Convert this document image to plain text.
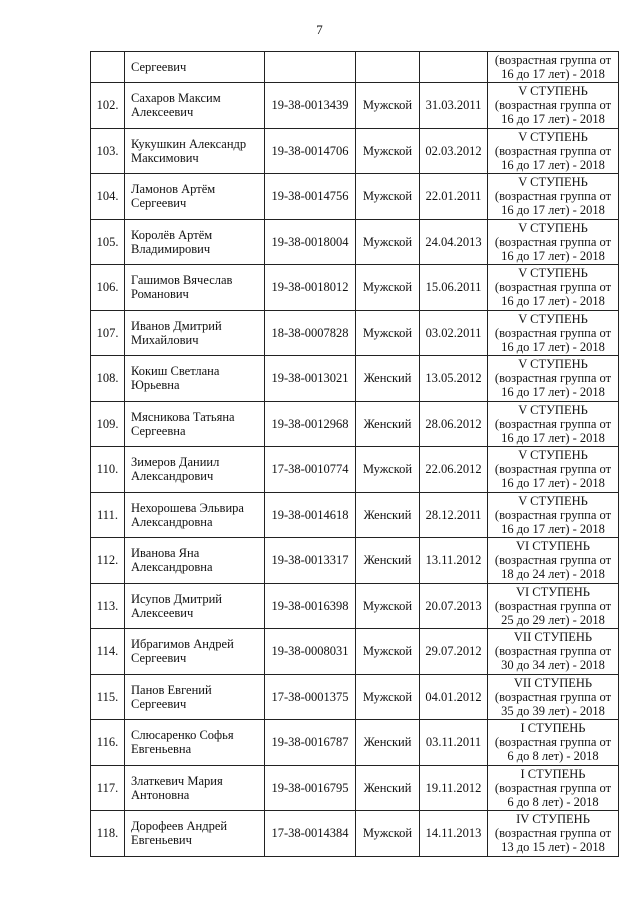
7

	Сергеевич				(возрастная группа от
16 до 17 лет) - 2018

102.	Сахаров Максим
Алексеевич	19-38-0013439	Мужской	31.03.2011	V СТУПЕНЬ
(возрастная группа от
16 до 17 лет) - 2018

103.	Кукушкин Александр
Максимович	19-38-0014706	Мужской	02.03.2012	V СТУПЕНЬ
(возрастная группа от
16 до 17 лет) - 2018

104.	Ламонов Артём
Сергеевич	19-38-0014756	Мужской	22.01.2011	V СТУПЕНЬ
(возрастная группа от
16 до 17 лет) - 2018

105.	Королёв Артём
Владимирович	19-38-0018004	Мужской	24.04.2013	V СТУПЕНЬ
(возрастная группа от
16 до 17 лет) - 2018

106.	Гашимов Вячеслав
Романович	19-38-0018012	Мужской	15.06.2011	V СТУПЕНЬ
(возрастная группа от
16 до 17 лет) - 2018

107.	Иванов Дмитрий
Михайлович	18-38-0007828	Мужской	03.02.2011	V СТУПЕНЬ
(возрастная группа от
16 до 17 лет) - 2018

108.	Кокиш Светлана
Юрьевна	19-38-0013021	Женский	13.05.2012	V СТУПЕНЬ
(возрастная группа от
16 до 17 лет) - 2018

109.	Мясникова Татьяна
Сергеевна	19-38-0012968	Женский	28.06.2012	V СТУПЕНЬ
(возрастная группа от
16 до 17 лет) - 2018

110.	Зимеров Даниил
Александрович	17-38-0010774	Мужской	22.06.2012	V СТУПЕНЬ
(возрастная группа от
16 до 17 лет) - 2018

111.	Нехорошева Эльвира
Александровна	19-38-0014618	Женский	28.12.2011	V СТУПЕНЬ
(возрастная группа от
16 до 17 лет) - 2018

112.	Иванова Яна
Александровна	19-38-0013317	Женский	13.11.2012	VI СТУПЕНЬ
(возрастная группа от
18 до 24 лет) - 2018

113.	Исупов Дмитрий
Алексеевич	19-38-0016398	Мужской	20.07.2013	VI СТУПЕНЬ
(возрастная группа от
25 до 29 лет) - 2018

114.	Ибрагимов Андрей
Сергеевич	19-38-0008031	Мужской	29.07.2012	VII СТУПЕНЬ
(возрастная группа от
30 до 34 лет) - 2018

115.	Панов Евгений
Сергеевич	17-38-0001375	Мужской	04.01.2012	VII СТУПЕНЬ
(возрастная группа от
35 до 39 лет) - 2018

116.	Слюсаренко Софья
Евгеньевна	19-38-0016787	Женский	03.11.2011	I СТУПЕНЬ
(возрастная группа от
6 до 8 лет) - 2018

117.	Златкевич Мария
Антоновна	19-38-0016795	Женский	19.11.2012	I СТУПЕНЬ
(возрастная группа от
6 до 8 лет) - 2018

118.	Дорофеев Андрей
Евгеньевич	17-38-0014384	Мужской	14.11.2013	IV СТУПЕНЬ
(возрастная группа от
13 до 15 лет) - 2018
